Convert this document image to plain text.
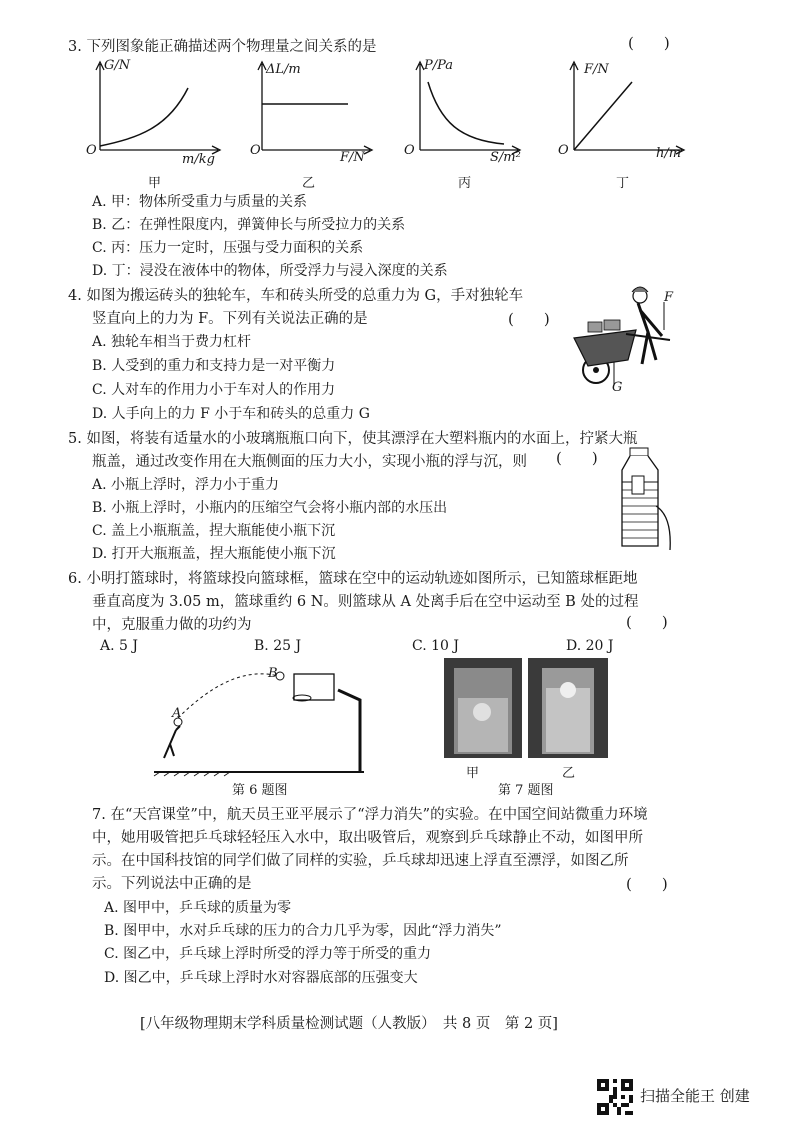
3. 下列图象能正确描述两个物理量之间关系的是	(　　)
G/N
m/kg
O
甲
ΔL/m
F/N
O
乙
P/Pa
S/m²
O
丙
F/N
h/m
O
丁
A. 甲：物体所受重力与质量的关系
B. 乙：在弹性限度内，弹簧伸长与所受拉力的关系
C. 丙：压力一定时，压强与受力面积的关系
D. 丁：浸没在液体中的物体，所受浮力与浸入深度的关系
4. 如图为搬运砖头的独轮车，车和砖头所受的总重力为 G，手对独轮车
竖直向上的力为 F。下列有关说法正确的是	(　　)
A. 独轮车相当于费力杠杆
B. 人受到的重力和支持力是一对平衡力
C. 人对车的作用力小于车对人的作用力
D. 人手向上的力 F 小于车和砖头的总重力 G
F
G
5. 如图，将装有适量水的小玻璃瓶瓶口向下，使其漂浮在大塑料瓶内的水面上，拧紧大瓶
瓶盖，通过改变作用在大瓶侧面的压力大小，实现小瓶的浮与沉，则 (　　)
A. 小瓶上浮时，浮力小于重力
B. 小瓶上浮时，小瓶内的压缩空气会将小瓶内部的水压出
C. 盖上小瓶瓶盖，捏大瓶能使小瓶下沉
D. 打开大瓶瓶盖，捏大瓶能使小瓶下沉
6. 小明打篮球时，将篮球投向篮球框，篮球在空中的运动轨迹如图所示，已知篮球框距地
垂直高度为 3.05 m，篮球重约 6 N。则篮球从 A 处离手后在空中运动至 B 处的过程
中，克服重力做的功约为	(　　)
A. 5 J	B. 25 J	C. 10 J	D. 20 J
A
B
第 6 题图
甲	乙
第 7 题图
7. 在“天宫课堂”中，航天员王亚平展示了“浮力消失”的实验。在中国空间站微重力环境
中，她用吸管把乒乓球轻轻压入水中，取出吸管后，观察到乒乓球静止不动，如图甲所
示。在中国科技馆的同学们做了同样的实验，乒乓球却迅速上浮直至漂浮，如图乙所
示。下列说法中正确的是	(　　)
A. 图甲中，乒乓球的质量为零
B. 图甲中，水对乒乓球的压力的合力几乎为零，因此“浮力消失”
C. 图乙中，乒乓球上浮时所受的浮力等于所受的重力
D. 图乙中，乒乓球上浮时水对容器底部的压强变大
[八年级物理期末学科质量检测试题（人教版）　共 8 页　第 2 页]
扫描全能王 创建
